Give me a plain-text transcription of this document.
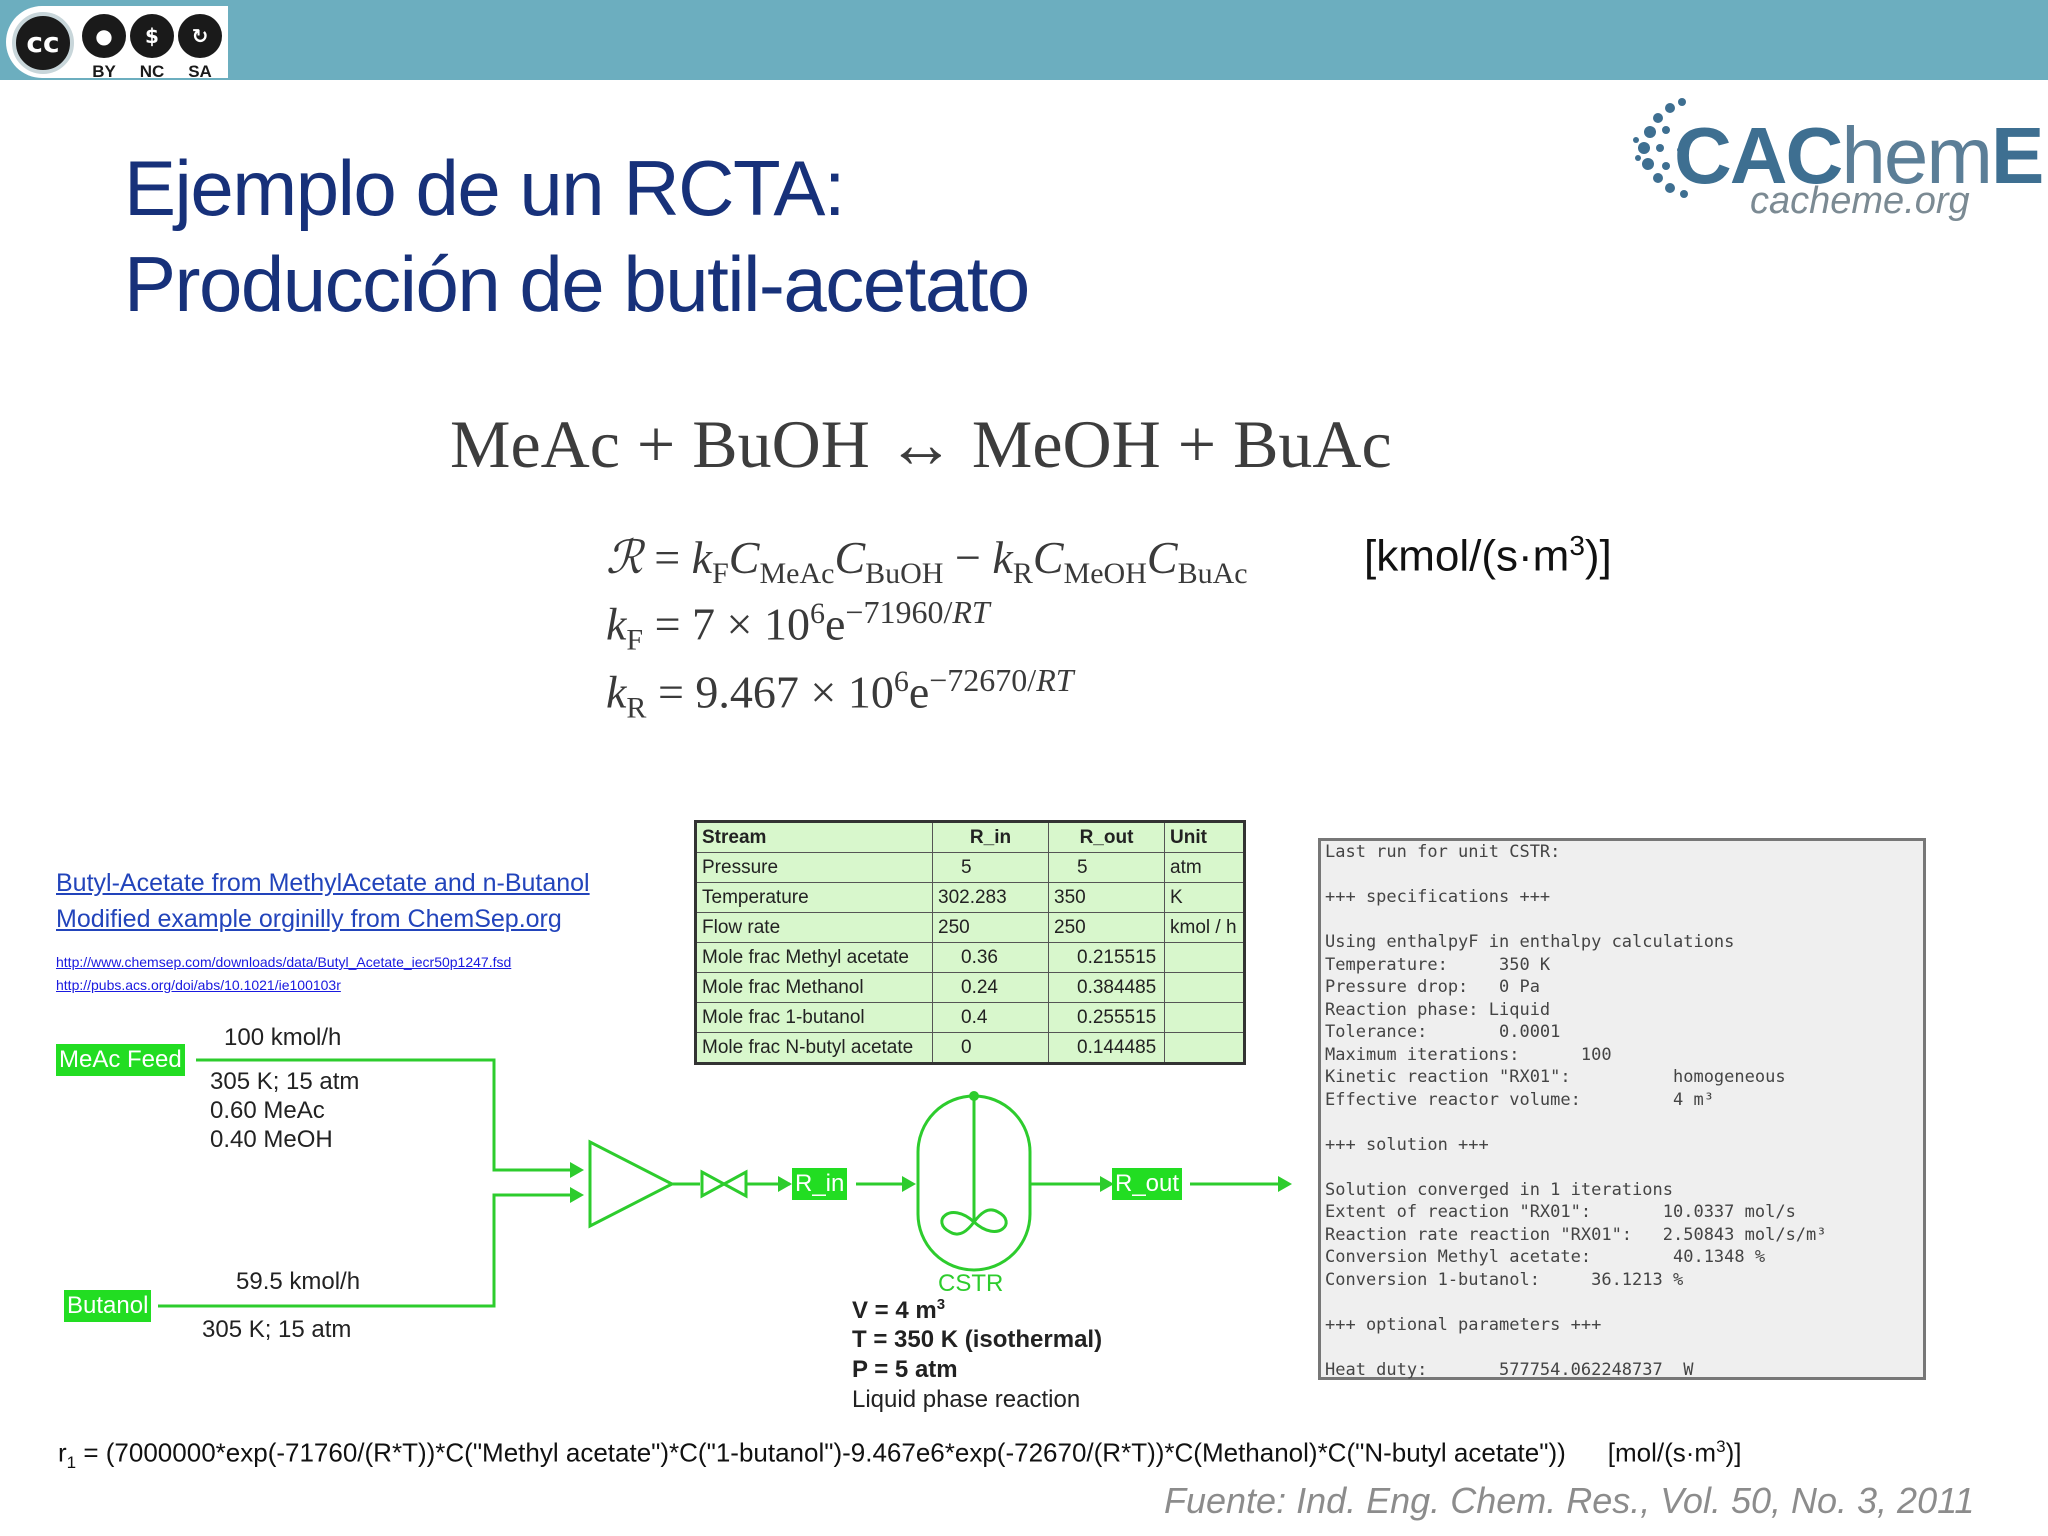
cc	●	$	↻
BY	NC	SA
Ejemplo de un RCTA:
Producción de butil-acetato
CAChemE
cacheme.org
MeAc + BuOH ↔ MeOH + BuAc
ℛ = $k_FC_{MeAc}C_{BuOH} - k_RC_{MeOH}C_{BuAc}$
$k_F = 7 \times 10^6e^{-71960/RT}$
$k_R = 9.467 \times 10^6e^{-72670/RT}$
$[kmol/(s\cdot m^3)]$
Butyl-Acetate from MethylAcetate and n-Butanol
Modified example orginilly from ChemSep.org
http://www.chemsep.com/downloads/data/Butyl_Acetate_iecr50p1247.fsd
http://pubs.acs.org/doi/abs/10.1021/ie100103r
Stream	R_in	R_out	Unit
Pressure	5	5	atm
Temperature	302.283	350	K
Flow rate	250	250	kmol / h
Mole frac Methyl acetate	0.36	0.215515	
Mole frac Methanol	0.24	0.384485	
Mole frac 1-butanol	0.4	0.255515	
Mole frac N-butyl acetate	0	0.144485	
Last run for unit CSTR:
+++ specifications +++
Using enthalpyF in enthalpy calculations
Temperature:     350 K
Pressure drop:   0 Pa
Reaction phase: Liquid
Tolerance:       0.0001
Maximum iterations:      100
Kinetic reaction "RX01":          homogeneous
Effective reactor volume:         4 m³
+++ solution +++
Solution converged in 1 iterations
Extent of reaction "RX01":       10.0337 mol/s
Reaction rate reaction "RX01":   2.50843 mol/s/m³
Conversion Methyl acetate:        40.1348 %
Conversion 1-butanol:     36.1213 %
+++ optional parameters +++
Heat duty:       577754.062248737  W
MeAc Feed
100 kmol/h
305 K; 15 atm
0.60 MeAc
0.40 MeOH
Butanol
59.5 kmol/h
305 K; 15 atm
R_in	R_out
CSTR
V = 4 $m^3$
T = 350 K (isothermal)
P = 5 atm
Liquid phase reaction
$r_1$ = (7000000*exp(-71760/(R*T))*C("Methyl acetate")*C("1-butanol")-9.467e6*exp(-72670/(R*T))*C(Methanol)*C("N-butyl acetate")) $[mol/(s\cdot m^3)]$
Fuente: Ind. Eng. Chem. Res., Vol. 50, No. 3, 2011
